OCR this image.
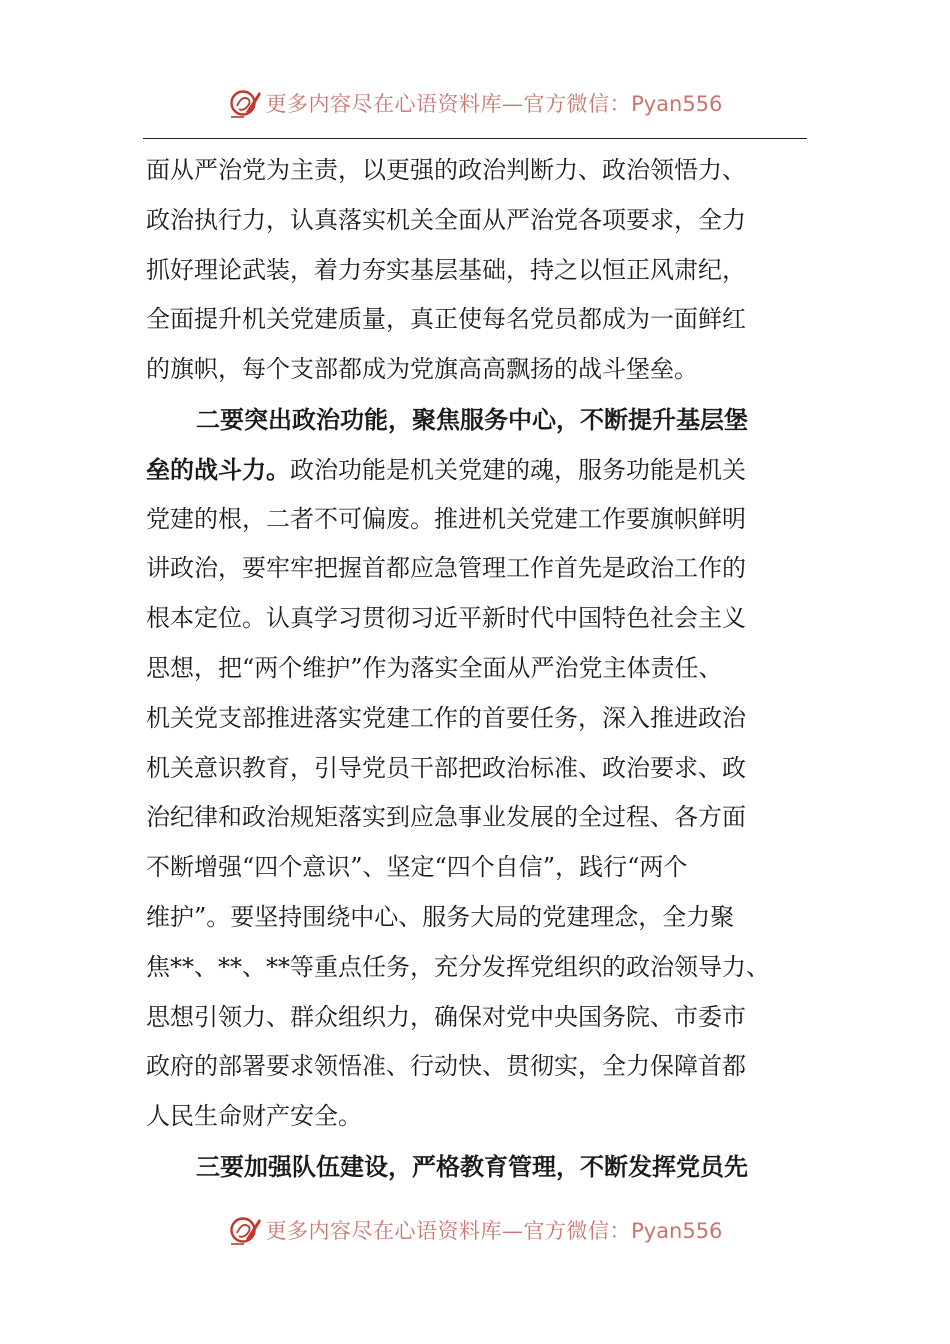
更多内容尽在心语资料库—官方微信：Pyan556
面从严治党为主责，以更强的政治判断力、政治领悟力、
政治执行力，认真落实机关全面从严治党各项要求，全力
抓好理论武装，着力夯实基层基础，持之以恒正风肃纪，
全面提升机关党建质量，真正使每名党员都成为一面鲜红
的旗帜，每个支部都成为党旗高高飘扬的战斗堡垒。
二要突出政治功能，聚焦服务中心，不断提升基层堡
垒的战斗力。政治功能是机关党建的魂，服务功能是机关
党建的根，二者不可偏废。推进机关党建工作要旗帜鲜明
讲政治，要牢牢把握首都应急管理工作首先是政治工作的
根本定位。认真学习贯彻习近平新时代中国特色社会主义
思想，把“两个维护”作为落实全面从严治党主体责任、
机关党支部推进落实党建工作的首要任务，深入推进政治
机关意识教育，引导党员干部把政治标准、政治要求、政
治纪律和政治规矩落实到应急事业发展的全过程、各方面
不断增强“四个意识”、坚定“四个自信”，践行“两个
维护”。要坚持围绕中心、服务大局的党建理念，全力聚
焦**、**、**等重点任务，充分发挥党组织的政治领导力、
思想引领力、群众组织力，确保对党中央国务院、市委市
政府的部署要求领悟准、行动快、贯彻实，全力保障首都
人民生命财产安全。
三要加强队伍建设，严格教育管理，不断发挥党员先
更多内容尽在心语资料库—官方微信：Pyan556
